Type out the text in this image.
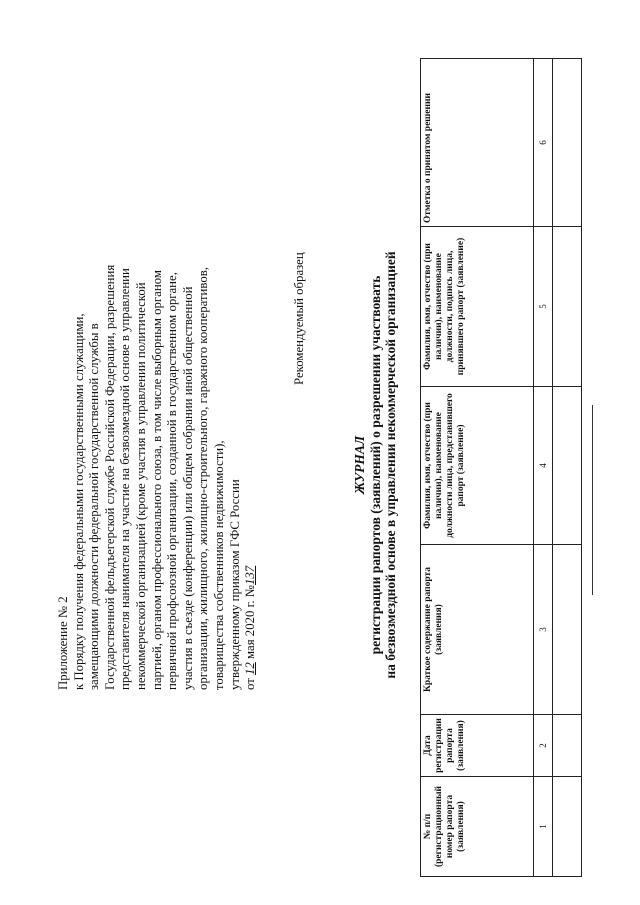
Приложение № 2 к Порядку получения федеральными государственными служащими, замещающими должности федеральной государственной службы в Государственной фельдъегерской службе Российской Федерации, разрешения представителя нанимателя на участие на безвозмездной основе в управлении некоммерческой организацией (кроме участия в управлении политической партией, органом профессионального союза, в том числе выборным органом первичной профсоюзной организации, созданной в государственном органе, участия в съезде (конференции) или общем собрании иной общественной организации, жилищного, жилищно-строительного, гаражного кооперативов, товарищества собственников недвижимости), утвержденному приказом ГФС России от 12 мая 2020 г. №137
Рекомендуемый образец
ЖУРНАЛ регистрации рапортов (заявлений) о разрешении участвовать на безвозмездной основе в управлении некоммерческой организацией
№ п/п (регистрационный номер рапорта (заявления)	Дата регистрации рапорта (заявления)	Краткое содержание рапорта (заявления)	Фамилия, имя, отчество (при наличии), наименование должности лица, представившего рапорт (заявление)	Фамилия, имя, отчество (при наличии), наименование должности, подпись лица, принявшего рапорт (заявление)	Отметка о принятом решении
1	2	3	4	5	6
